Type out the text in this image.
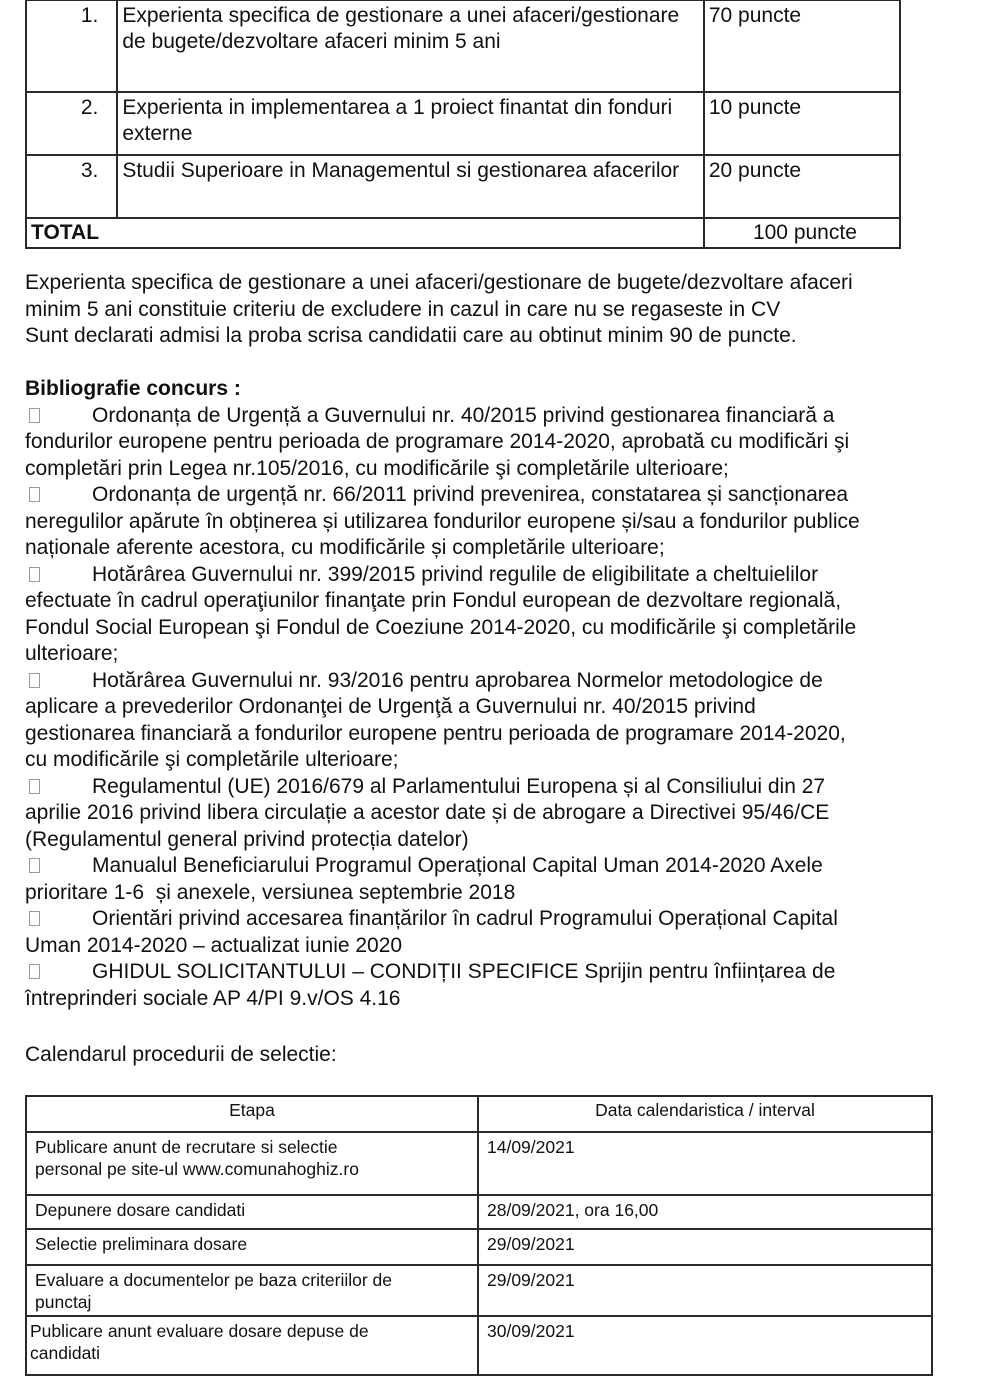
1.	Experienta specifica de gestionare a unei afaceri/gestionare de bugete/dezvoltare afaceri minim 5 ani	70 puncte
2.	Experienta in implementarea a 1 proiect finantat din fonduri externe	10 puncte
3.	Studii Superioare in Managementul si gestionarea afacerilor	20 puncte
TOTAL		100 puncte

Experienta specifica de gestionare a unei afaceri/gestionare de bugete/dezvoltare afaceri

minim 5 ani constituie criteriu de excludere in cazul in care nu se regaseste in CV

Sunt declarati admisi la proba scrisa candidatii care au obtinut minim 90 de puncte.

Bibliografie concurs :

Ordonanța de Urgență a Guvernului nr. 40/2015 privind gestionarea financiară a

fondurilor europene pentru perioada de programare 2014-2020, aprobată cu modificări şi

completări prin Legea nr.105/2016, cu modificările şi completările ulterioare;

Ordonanța de urgență nr. 66/2011 privind prevenirea, constatarea și sancționarea

neregulilor apărute în obținerea și utilizarea fondurilor europene și/sau a fondurilor publice

naționale aferente acestora, cu modificările și completările ulterioare;

Hotărârea Guvernului nr. 399/2015 privind regulile de eligibilitate a cheltuielilor

efectuate în cadrul operaţiunilor finanţate prin Fondul european de dezvoltare regională,

Fondul Social European şi Fondul de Coeziune 2014-2020, cu modificările şi completările

ulterioare;

Hotărârea Guvernului nr. 93/2016 pentru aprobarea Normelor metodologice de

aplicare a prevederilor Ordonanţei de Urgenţă a Guvernului nr. 40/2015 privind

gestionarea financiară a fondurilor europene pentru perioada de programare 2014-2020,

cu modificările şi completările ulterioare;

Regulamentul (UE) 2016/679 al Parlamentului Europena și al Consiliului din 27

aprilie 2016 privind libera circulație a acestor date și de abrogare a Directivei 95/46/CE

(Regulamentul general privind protecția datelor)

Manualul Beneficiarului Programul Operațional Capital Uman 2014-2020 Axele

prioritare 1-6  și anexele, versiunea septembrie 2018

Orientări privind accesarea finanțărilor în cadrul Programului Operațional Capital

Uman 2014-2020 – actualizat iunie 2020

GHIDUL SOLICITANTULUI – CONDIȚII SPECIFICE Sprijin pentru înființarea de

întreprinderi sociale AP 4/PI 9.v/OS 4.16

Calendarul procedurii de selectie:
Etapa	Data calendaristica / interval

Publicare anunt de recrutare si selectie
personal pe site-ul www.comunahoghiz.ro	14/09/2021

Depunere dosare candidati	28/09/2021, ora 16,00

Selectie preliminara dosare	29/09/2021

Evaluare a documentelor pe baza criteriilor de
punctaj	29/09/2021

Publicare anunt evaluare dosare depuse de
candidati	30/09/2021
